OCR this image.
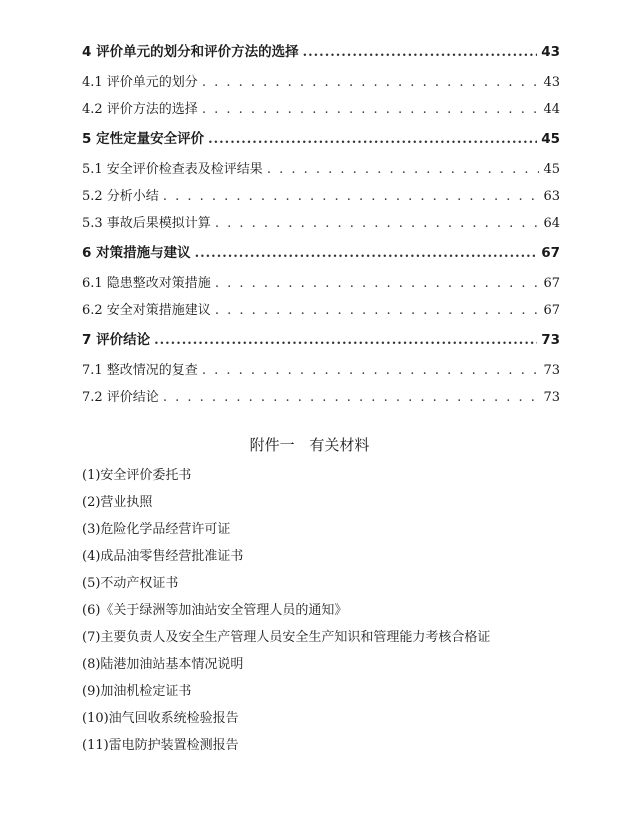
4 评价单元的划分和评价方法的选择 .....	43
4.1 评价单元的划分 . . .	43
4.2 评价方法的选择 . . .	44
5 定性定量安全评价 .....	45
5.1 安全评价检查表及检评结果 . . .	45
5.2 分析小结 . . .	63
5.3 事故后果模拟计算 . . .	64
6 对策措施与建议 .....	67
6.1 隐患整改对策措施 . . .	67
6.2 安全对策措施建议 . . .	67
7 评价结论 .....	73
7.1 整改情况的复查 . . .	73
7.2 评价结论 . . .	73
附件一 有关材料
(1)安全评价委托书
(2)营业执照
(3)危险化学品经营许可证
(4)成品油零售经营批准证书
(5)不动产权证书
(6)《关于绿洲等加油站安全管理人员的通知》
(7)主要负责人及安全生产管理人员安全生产知识和管理能力考核合格证
(8)陆港加油站基本情况说明
(9)加油机检定证书
(10)油气回收系统检验报告
(11)雷电防护装置检测报告
